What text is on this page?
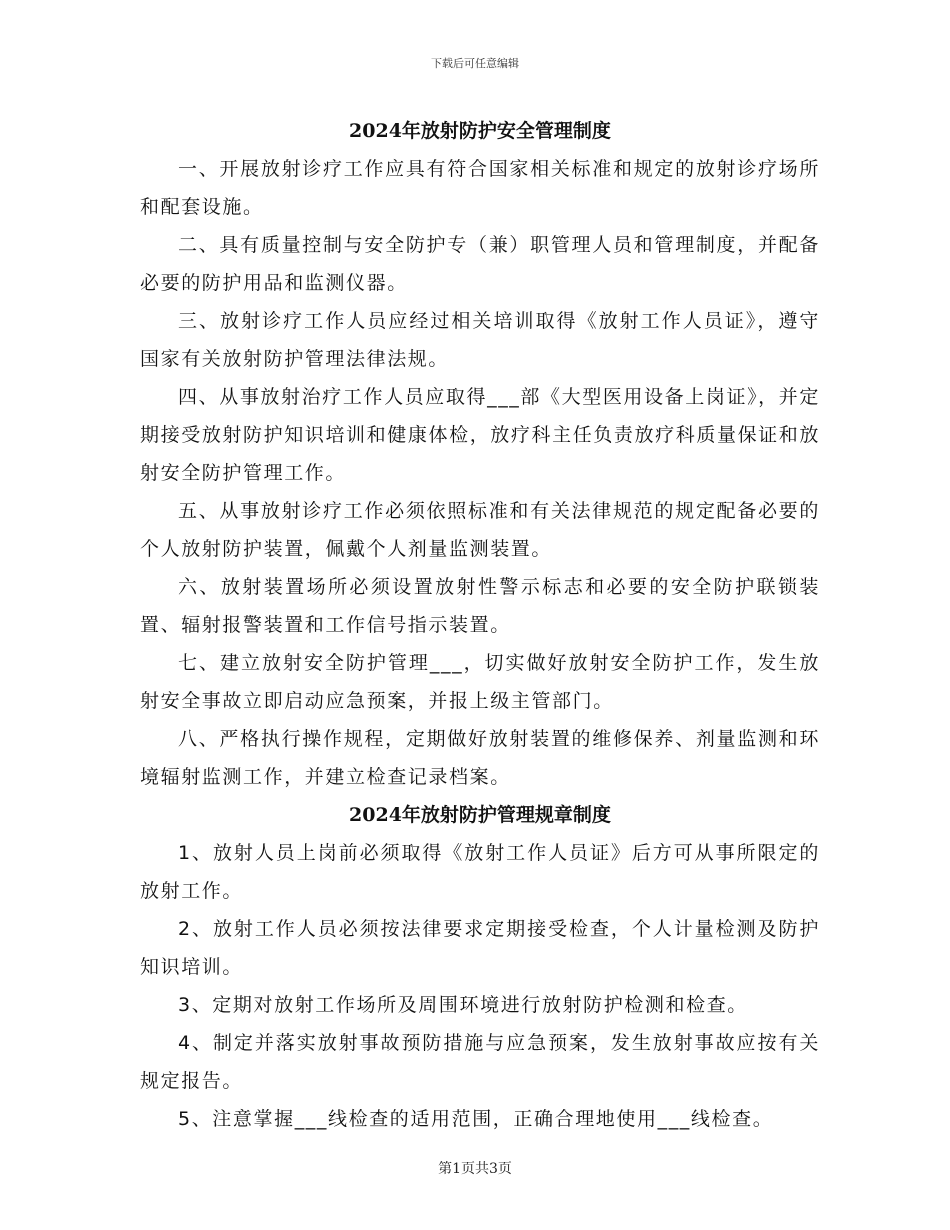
下载后可任意编辑
2024年放射防护安全管理制度

一、开展放射诊疗工作应具有符合国家相关标准和规定的放射诊疗场所和配套设施。

二、具有质量控制与安全防护专（兼）职管理人员和管理制度，并配备必要的防护用品和监测仪器。

三、放射诊疗工作人员应经过相关培训取得《放射工作人员证》，遵守国家有关放射防护管理法律法规。

四、从事放射治疗工作人员应取得___部《大型医用设备上岗证》，并定期接受放射防护知识培训和健康体检，放疗科主任负责放疗科质量保证和放射安全防护管理工作。

五、从事放射诊疗工作必须依照标准和有关法律规范的规定配备必要的个人放射防护装置，佩戴个人剂量监测装置。

六、放射装置场所必须设置放射性警示标志和必要的安全防护联锁装置、辐射报警装置和工作信号指示装置。

七、建立放射安全防护管理___，切实做好放射安全防护工作，发生放射安全事故立即启动应急预案，并报上级主管部门。

八、严格执行操作规程，定期做好放射装置的维修保养、剂量监测和环境辐射监测工作，并建立检查记录档案。

2024年放射防护管理规章制度

1、放射人员上岗前必须取得《放射工作人员证》后方可从事所限定的放射工作。

2、放射工作人员必须按法律要求定期接受检查，个人计量检测及防护知识培训。

3、定期对放射工作场所及周围环境进行放射防护检测和检查。

4、制定并落实放射事故预防措施与应急预案，发生放射事故应按有关规定报告。

5、注意掌握___线检查的适用范围，正确合理地使用___线检查。

第1页共3页
